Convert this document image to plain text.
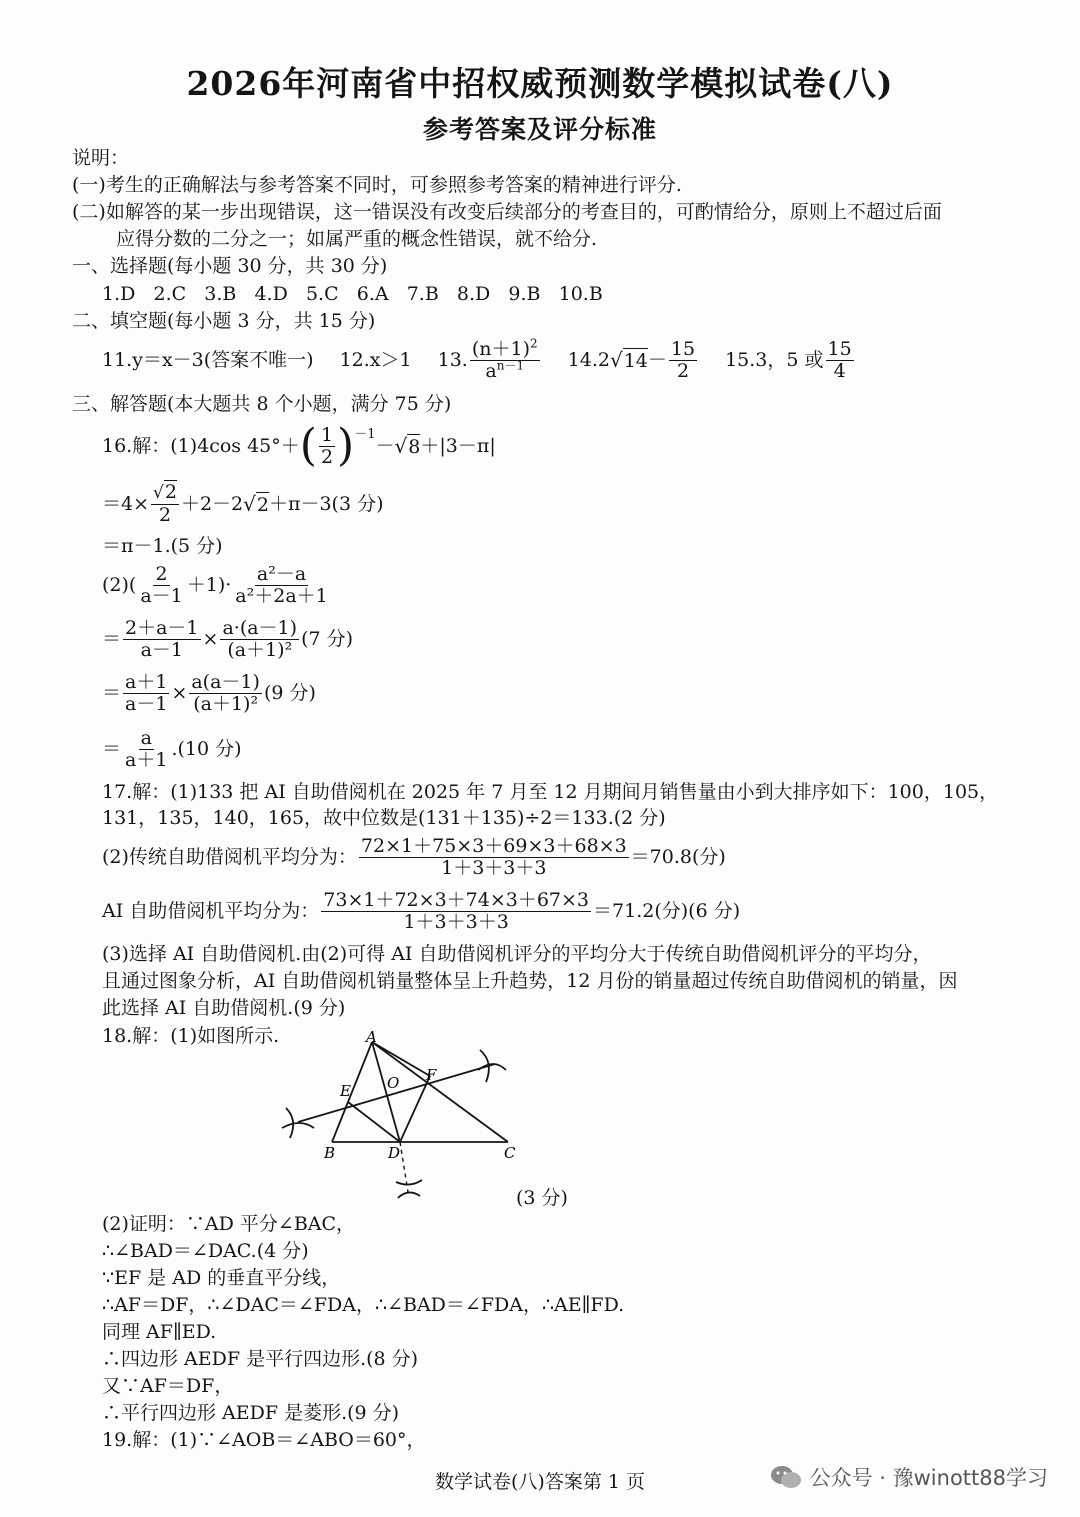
2026年河南省中招权威预测数学模拟试卷(八)
参考答案及评分标准
说明：
(一)考生的正确解法与参考答案不同时，可参照参考答案的精神进行评分.
(二)如解答的某一步出现错误，这一错误没有改变后续部分的考查目的，可酌情给分，原则上不超过后面
应得分数的二分之一；如属严重的概念性错误，就不给分.
一、选择题(每小题 30 分，共 30 分)
1.D   2.C   3.B   4.D   5.C   6.A   7.B   8.D   9.B   10.B
二、填空题(每小题 3 分，共 15 分)
11.y＝x－3(答案不唯一) 12.x＞1 13. $\frac{(n+1)^2}{a^{n-1}} 14.2$ √ $14 - \frac{15}{2} 15.3$，5 或 $\frac{15}{4}$
三、解答题(本大题共 8 个小题，满分 75 分)
16.解：(1)4cos 45°＋ ( $\frac{1}{2} )^{-1}$
－ √ 8 ＋|3－π|
$=4\times \frac{√2}{2} +2-2$ √ 2 ＋π－3(3 分)
＝π－1.(5 分)
$(2)( \frac{2}{a-1} +1)\cdot \frac{\text{a²－a}}{\text{a²＋2a＋1}}$
＝ $\frac{2+a-1}{a-1} \times \frac{a\cdot(a-1)}{\text{(a＋1)²}} (7$ 分)
＝ $\frac{a+1}{a-1} \times \frac{a(a-1)}{\text{(a＋1)²}} (9$ 分)
＝ $\frac{a}{a+1} .(10$ 分)
17.解：(1)133 把 AI 自助借阅机在 2025 年 7 月至 12 月期间月销售量由小到大排序如下：100，105，
131，135，140，165，故中位数是(131＋135)÷2＝133.(2 分)
(2)传统自助借阅机平均分为： $\frac{72\times 1+75\times 3+69\times 3+68\times 3}{1+3+3+3} =70.8$(分)
AI 自助借阅机平均分为： $\frac{73\times 1+72\times 3+74\times 3+67\times 3}{1+3+3+3} =71.2$(分)(6 分)
(3)选择 AI 自助借阅机.由(2)可得 AI 自助借阅机评分的平均分大于传统自助借阅机评分的平均分，
且通过图象分析，AI 自助借阅机销量整体呈上升趋势，12 月份的销量超过传统自助借阅机的销量，因
此选择 AI 自助借阅机.(9 分)
18.解：(1)如图所示.	A
B	C
D
E
F
O
(3 分)
(2)证明：∵AD 平分∠BAC，
∴∠BAD＝∠DAC.(4 分)
∵EF 是 AD 的垂直平分线，
∴AF＝DF，∴∠DAC＝∠FDA，∴∠BAD＝∠FDA，∴AE∥FD.
同理 AF∥ED.
∴四边形 AEDF 是平行四边形.(8 分)
又∵AF＝DF，
∴平行四边形 AEDF 是菱形.(9 分)
19.解：(1)∵∠AOB＝∠ABO＝60°，
数学试卷(八)答案第 1 页	公众号 · 豫winott88学习
